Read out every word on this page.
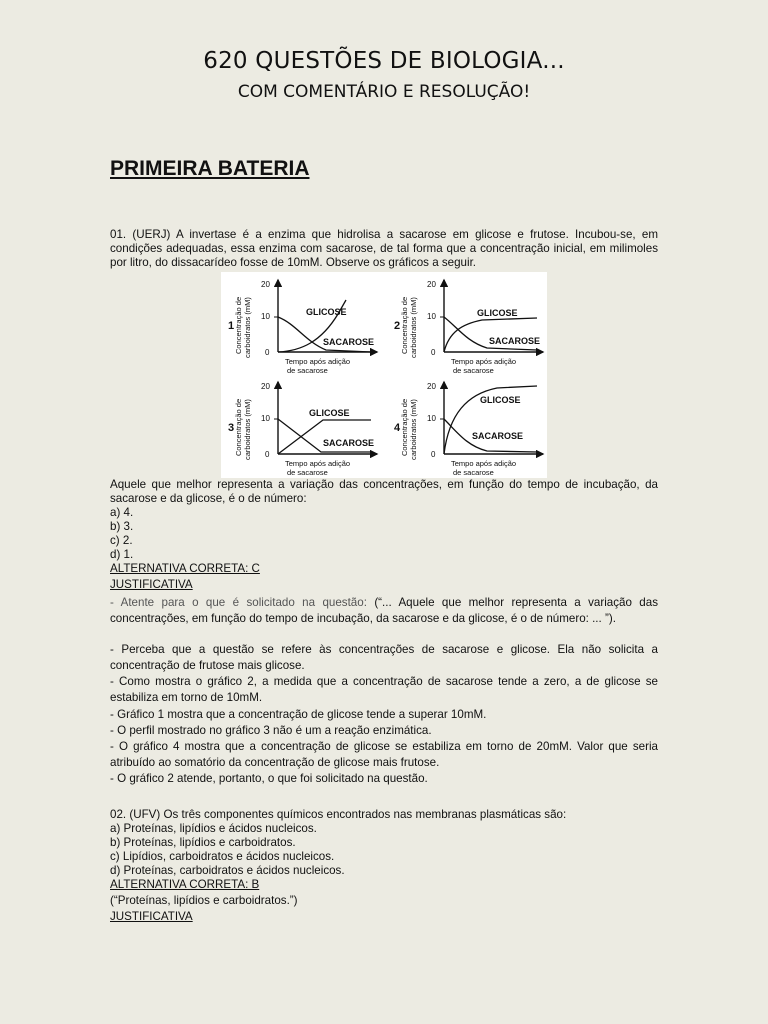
620 QUESTÕES DE BIOLOGIA...
COM COMENTÁRIO E RESOLUÇÃO!
PRIMEIRA BATERIA
01. (UERJ) A invertase é a enzima que hidrolisa a sacarose em glicose e frutose. Incubou-se, em condições adequadas, essa enzima com sacarose, de tal forma que a concentração inicial, em milimoles por litro, do dissacarídeo fosse de 10mM. Observe os gráficos a seguir.
1 Concentração de carboidratos (mM)
20
10
0
GLICOSE
SACAROSE
Tempo após adição
de sacarose
2 Concentração de carboidratos (mM)
20
10
0
GLICOSE
SACAROSE
Tempo após adição
de sacarose
3 Concentração de carboidratos (mM)
20
10
0
GLICOSE
SACAROSE
Tempo após adição
de sacarose
4 Concentração de carboidratos (mM)
20
10
0
GLICOSE
SACAROSE
Tempo após adição
de sacarose
Aquele que melhor representa a variação das concentrações, em função do tempo de incubação, da sacarose e da glicose, é o de número:
a) 4.
b) 3.
c) 2.
d) 1.
ALTERNATIVA CORRETA: C
JUSTIFICATIVA
- Atente para o que é solicitado na questão: (“... Aquele que melhor representa a variação das concentrações, em função do tempo de incubação, da sacarose e da glicose, é o de número: ... ”).
- Perceba que a questão se refere às concentrações de sacarose e glicose. Ela não solicita a concentração de frutose mais glicose.
- Como mostra o gráfico 2, a medida que a concentração de sacarose tende a zero, a de glicose se estabiliza em torno de 10mM.
- Gráfico 1 mostra que a concentração de glicose tende a superar 10mM.
- O perfil mostrado no gráfico 3 não é um a reação enzimática.
- O gráfico 4 mostra que a concentração de glicose se estabiliza em torno de 20mM. Valor que seria atribuído ao somatório da concentração de glicose mais frutose.
- O gráfico 2 atende, portanto, o que foi solicitado na questão.
02. (UFV) Os três componentes químicos encontrados nas membranas plasmáticas são:
a) Proteínas, lipídios e ácidos nucleicos.
b) Proteínas, lipídios e carboidratos.
c) Lipídios, carboidratos e ácidos nucleicos.
d) Proteínas, carboidratos e ácidos nucleicos.
ALTERNATIVA CORRETA: B
(“Proteínas, lipídios e carboidratos.”)
JUSTIFICATIVA
